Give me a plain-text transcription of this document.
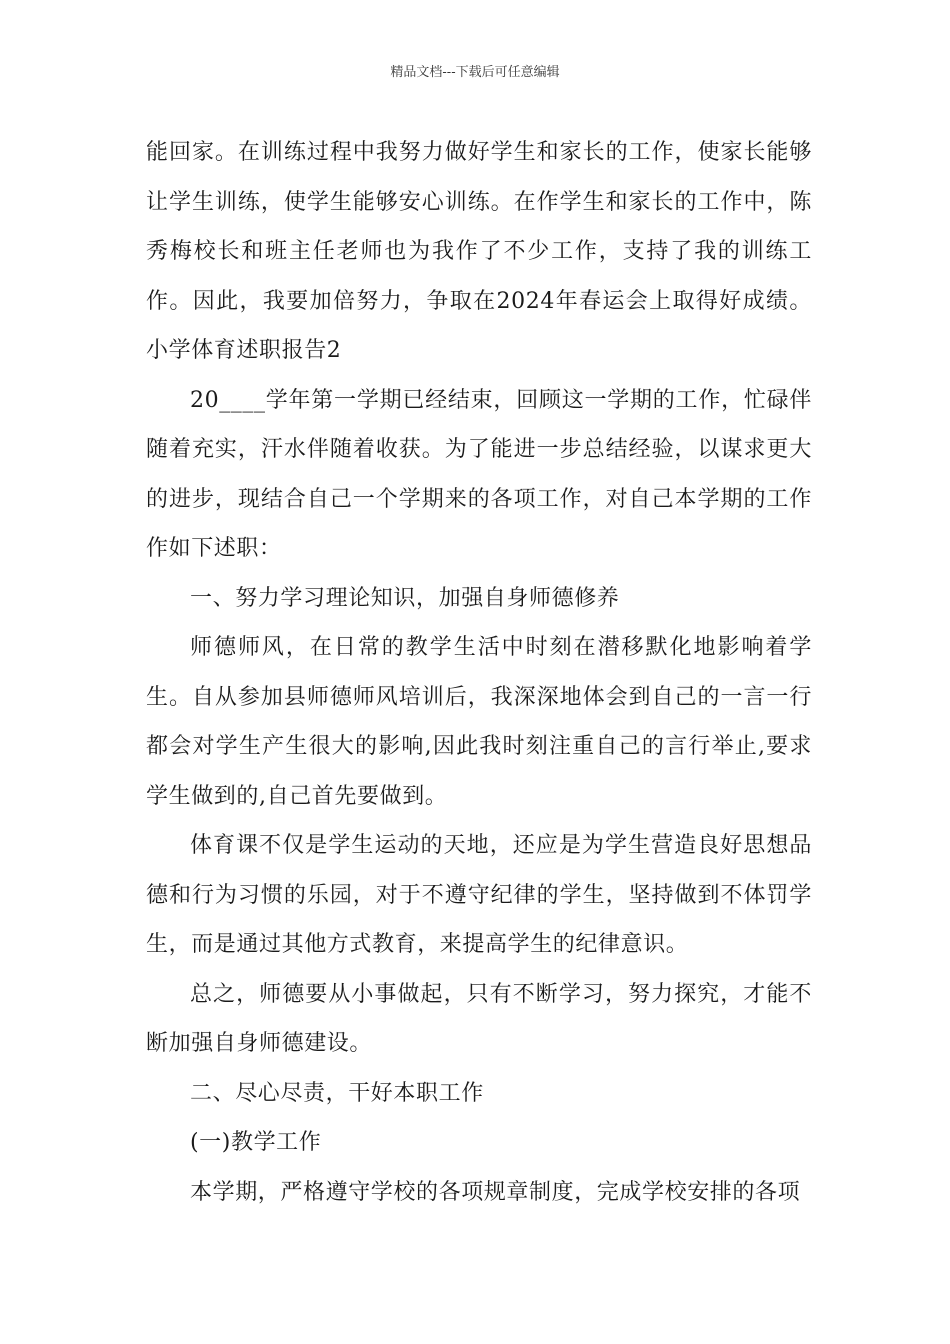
精品文档---下载后可任意编辑

能回家。在训练过程中我努力做好学生和家长的工作，使家长能够让学生训练，使学生能够安心训练。在作学生和家长的工作中，陈秀梅校长和班主任老师也为我作了不少工作，支持了我的训练工作。因此，我要加倍努力，争取在2024年春运会上取得好成绩。小学体育述职报告2

20____学年第一学期已经结束，回顾这一学期的工作，忙碌伴随着充实，汗水伴随着收获。为了能进一步总结经验，以谋求更大的进步，现结合自己一个学期来的各项工作，对自己本学期的工作作如下述职：

一、努力学习理论知识，加强自身师德修养

师德师风，在日常的教学生活中时刻在潜移默化地影响着学生。自从参加县师德师风培训后，我深深地体会到自己的一言一行都会对学生产生很大的影响,因此我时刻注重自己的言行举止,要求学生做到的,自己首先要做到。

体育课不仅是学生运动的天地，还应是为学生营造良好思想品德和行为习惯的乐园，对于不遵守纪律的学生，坚持做到不体罚学生，而是通过其他方式教育，来提高学生的纪律意识。

总之，师德要从小事做起，只有不断学习，努力探究，才能不断加强自身师德建设。

二、尽心尽责，干好本职工作

(一)教学工作

本学期，严格遵守学校的各项规章制度，完成学校安排的各项
